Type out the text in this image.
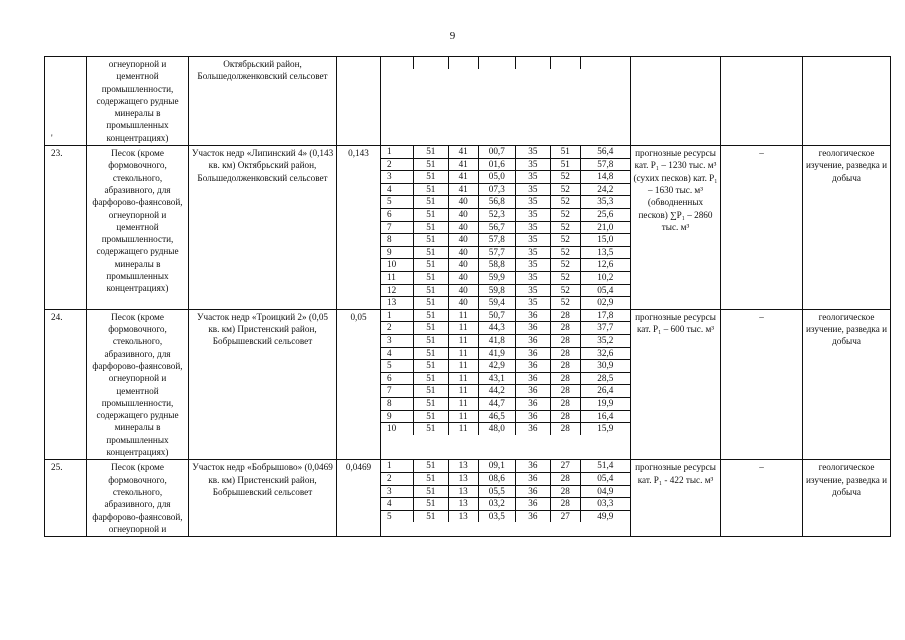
9
'	огнеупорной и цементной промышленности, содержащего рудные минералы в промышленных концентрациях)	Октябрьский район, Большедолженковский сельсовет		

23.	Песок (кроме формовочного, стекольного, абразивного, для фарфорово-фаянсовой, огнеупорной и цементной промышленности, содержащего рудные минералы в промышленных концентрациях)	Участок недр «Липинский 4» (0,143 кв. км) Октябрьский район, Большедолженковский сельсовет	0,143	1	51	41	00,7	35	51	56,4
2	51	41	01,6	35	51	57,8
3	51	41	05,0	35	52	14,8
4	51	41	07,3	35	52	24,2
5	51	40	56,8	35	52	35,3
6	51	40	52,3	35	52	25,6
7	51	40	56,7	35	52	21,0
8	51	40	57,8	35	52	15,0
9	51	40	57,7	35	52	13,5
10	51	40	58,8	35	52	12,6
11	51	40	59,9	35	52	10,2
12	51	40	59,8	35	52	05,4
13	51	40	59,4	35	52	02,9
	прогнозные ресурсы кат. P₁ – 1230 тыс. м³ (сухих песков) кат. P₁ – 1630 тыс. м³ (обводненных песков) ∑P₁ – 2860 тыс. м³	–	геологическое изучение, разведка и добыча
24.	Песок (кроме формовочного, стекольного, абразивного, для фарфорово-фаянсовой, огнеупорной и цементной промышленности, содержащего рудные минералы в промышленных концентрациях)	Участок недр «Троицкий 2» (0,05 кв. км) Пристенский район, Бобрышевский сельсовет	0,05	1	51	11	50,7	36	28	17,8
2	51	11	44,3	36	28	37,7
3	51	11	41,8	36	28	35,2
4	51	11	41,9	36	28	32,6
5	51	11	42,9	36	28	30,9
6	51	11	43,1	36	28	28,5
7	51	11	44,2	36	28	26,4
8	51	11	44,7	36	28	19,9
9	51	11	46,5	36	28	16,4
10	51	11	48,0	36	28	15,9
	прогнозные ресурсы кат. P₁ – 600 тыс. м³	–	геологическое изучение, разведка и добыча
25.	Песок (кроме формовочного, стекольного, абразивного, для фарфорово-фаянсовой, огнеупорной и	Участок недр «Бобрышово» (0,0469 кв. км) Пристенский район, Бобрышевский сельсовет	0,0469	1	51	13	09,1	36	27	51,4
2	51	13	08,6	36	28	05,4
3	51	13	05,5	36	28	04,9
4	51	13	03,2	36	28	03,3
5	51	13	03,5	36	27	49,9
	прогнозные ресурсы кат. P₁ - 422 тыс. м³	–	геологическое изучение, разведка и добыча
